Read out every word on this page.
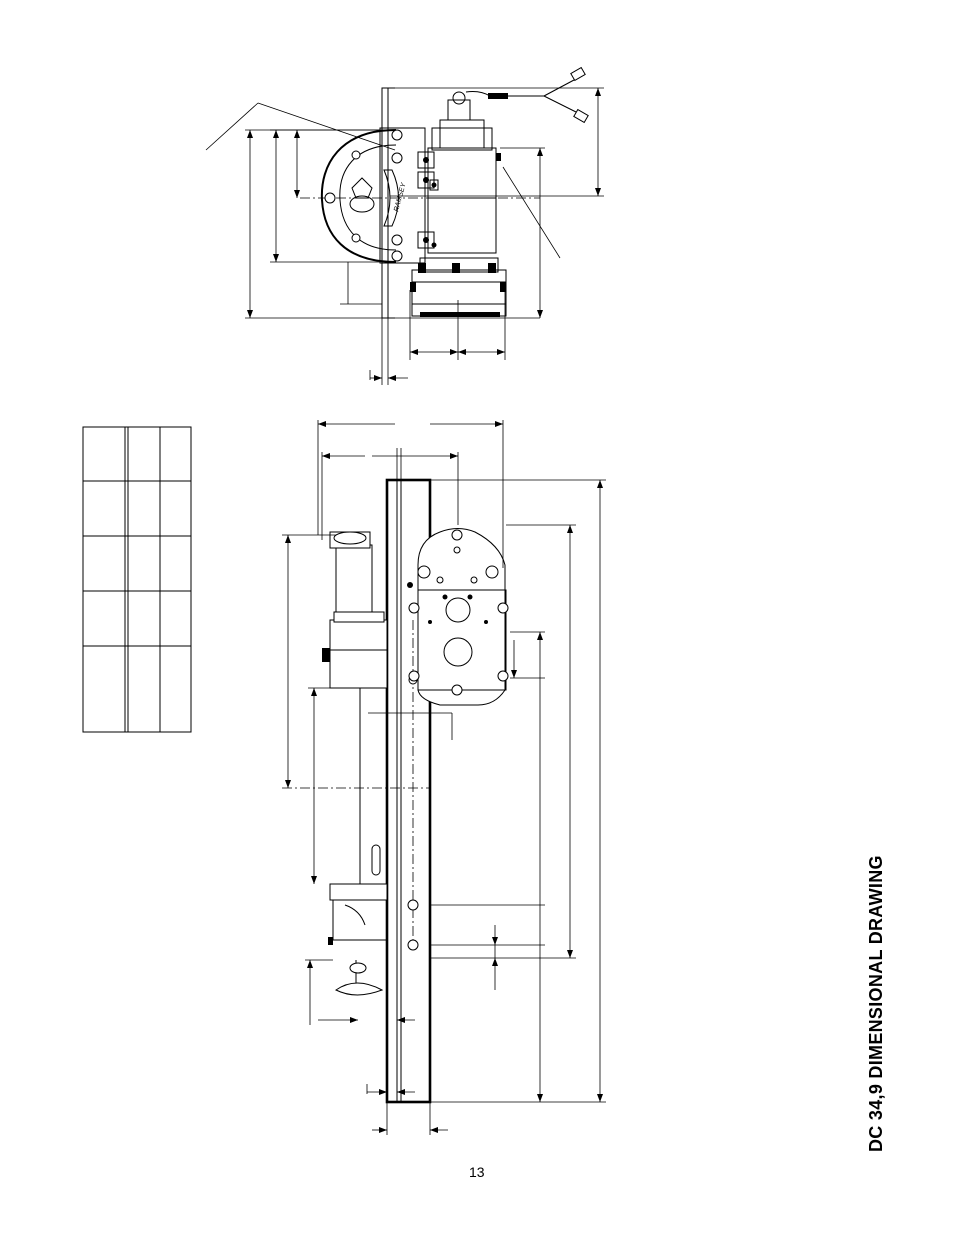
RAMSEY
13
DC 34,9 DIMENSIONAL DRAWING
